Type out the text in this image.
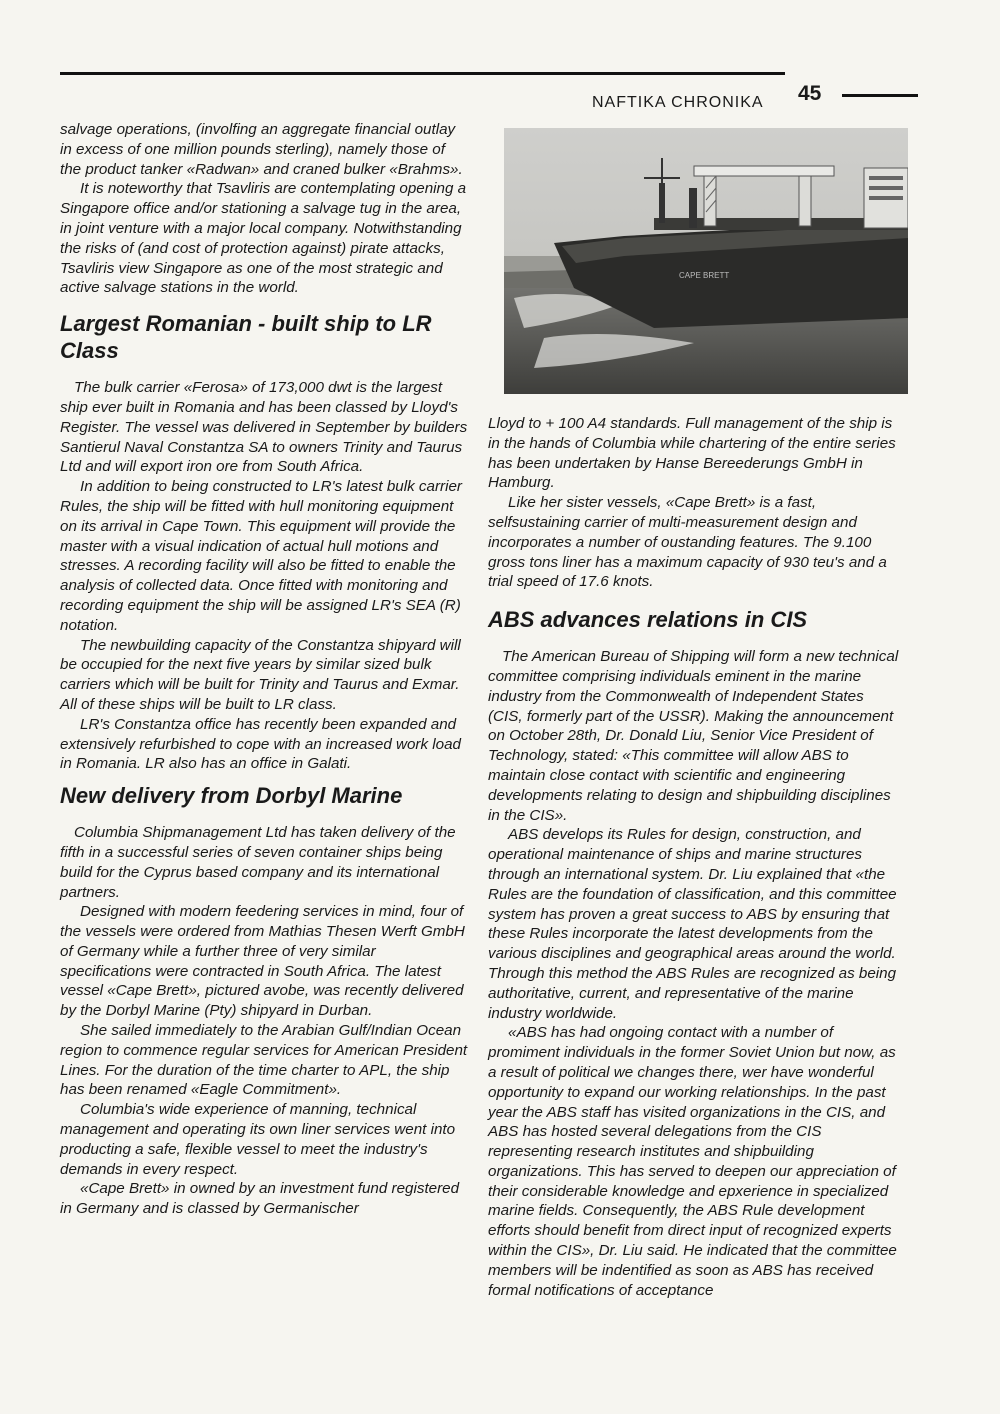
NAFTIKA CHRONIKA 45
CAPE BRETT

salvage operations, (involfing an aggregate financial outlay in excess of one million pounds sterling), namely those of the product tanker «Radwan» and craned bulker «Brahms».

It is noteworthy that Tsavliris are contemplating opening a Singapore office and/or stationing a salvage tug in the area, in joint venture with a major local company. Notwithstanding the risks of (and cost of protection against) pirate attacks, Tsavliris view Singapore as one of the most strategic and active salvage stations in the world.

Largest Romanian - built ship to LR Class

The bulk carrier «Ferosa» of 173,000 dwt is the largest ship ever built in Romania and has been classed by Lloyd's Register. The vessel was delivered in September by builders Santierul Naval Constantza SA to owners Trinity and Taurus Ltd and will export iron ore from South Africa.

In addition to being constructed to LR's latest bulk carrier Rules, the ship will be fitted with hull monitoring equipment on its arrival in Cape Town. This equipment will provide the master with a visual indication of actual hull motions and stresses. A recording facility will also be fitted to enable the analysis of collected data. Once fitted with monitoring and recording equipment the ship will be assigned LR's SEA (R) notation.

The newbuilding capacity of the Constantza shipyard will be occupied for the next five years by similar sized bulk carriers which will be built for Trinity and Taurus and Exmar. All of these ships will be built to LR class.

LR's Constantza office has recently been expanded and extensively refurbished to cope with an increased work load in Romania. LR also has an office in Galati.

New delivery from Dorbyl Marine

Columbia Shipmanagement Ltd has taken delivery of the fifth in a successful series of seven container ships being build for the Cyprus based company and its international partners.

Designed with modern feedering services in mind, four of the vessels were ordered from Mathias Thesen Werft GmbH of Germany while a further three of very similar specifications were contracted in South Africa. The latest vessel «Cape Brett», pictured avobe, was recently delivered by the Dorbyl Marine (Pty) shipyard in Durban.

She sailed immediately to the Arabian Gulf/Indian Ocean region to commence regular services for American President Lines. For the duration of the time charter to APL, the ship has been renamed «Eagle Commitment».

Columbia's wide experience of manning, technical management and operating its own liner services went into producting a safe, flexible vessel to meet the industry's demands in every respect.

«Cape Brett» in owned by an investment fund registered in Germany and is classed by Germanischer

Lloyd to + 100 A4 standards. Full management of the ship is in the hands of Columbia while chartering of the entire series has been undertaken by Hanse Bereederungs GmbH in Hamburg.

Like her sister vessels, «Cape Brett» is a fast, selfsustaining carrier of multi-measurement design and incorporates a number of oustanding features. The 9.100 gross tons liner has a maximum capacity of 930 teu's and a trial speed of 17.6 knots.

ABS advances relations in CIS

The American Bureau of Shipping will form a new technical committee comprising individuals eminent in the marine industry from the Commonwealth of Independent States (CIS, formerly part of the USSR). Making the announcement on October 28th, Dr. Donald Liu, Senior Vice President of Technology, stated: «This committee will allow ABS to maintain close contact with scientific and engineering developments relating to design and shipbuilding disciplines in the CIS».

ABS develops its Rules for design, construction, and operational maintenance of ships and marine structures through an international system. Dr. Liu explained that «the Rules are the foundation of classification, and this committee system has proven a great success to ABS by ensuring that these Rules incorporate the latest developments from the various disciplines and geographical areas around the world. Through this method the ABS Rules are recognized as being authoritative, current, and representative of the marine industry worldwide.

«ABS has had ongoing contact with a number of promiment individuals in the former Soviet Union but now, as a result of political we changes there, wer have wonderful opportunity to expand our working relationships. In the past year the ABS staff has visited organizations in the CIS, and ABS has hosted several delegations from the CIS representing research institutes and shipbuilding organizations. This has served to deepen our appreciation of their considerable knowledge and epxerience in specialized marine fields. Consequently, the ABS Rule development efforts should benefit from direct input of recognized experts within the CIS», Dr. Liu said. He indicated that the committee members will be indentified as soon as ABS has received formal notifications of acceptance
